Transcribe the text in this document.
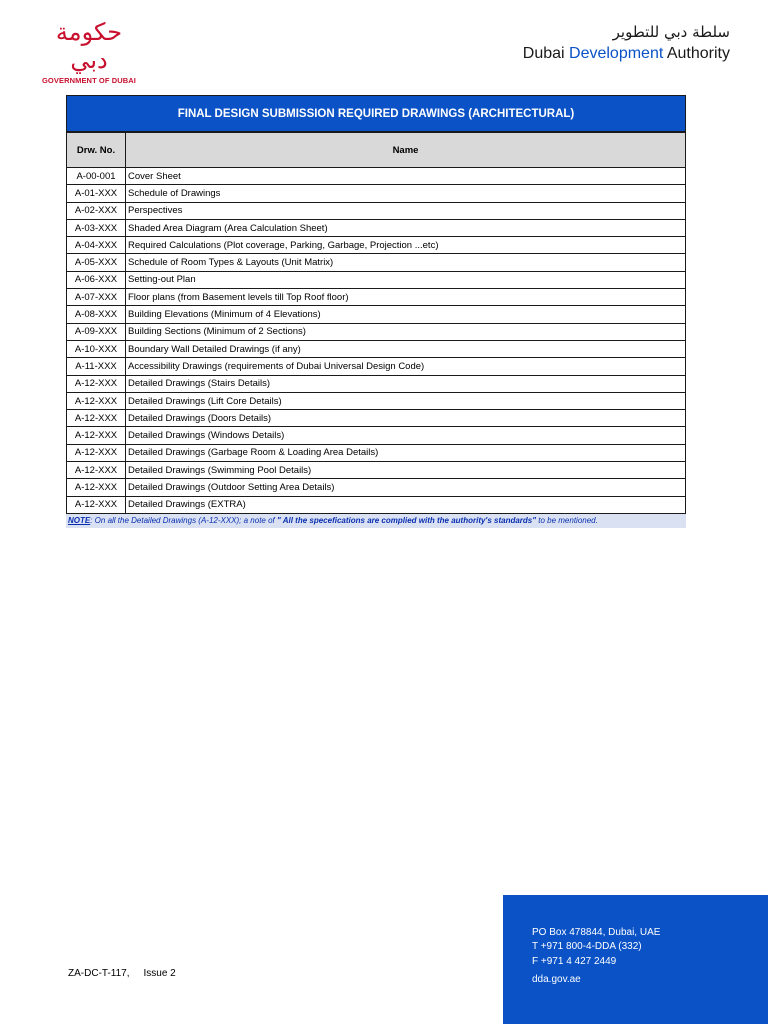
حكومة دبي
GOVERNMENT OF DUBAI
سلطة دبي للتطوير
Dubai Development Authority
FINAL DESIGN SUBMISSION REQUIRED DRAWINGS (ARCHITECTURAL)
Drw. No.	Name
A-00-001	Cover Sheet
A-01-XXX	Schedule of Drawings
A-02-XXX	Perspectives
A-03-XXX	Shaded Area Diagram (Area Calculation Sheet)
A-04-XXX	Required Calculations (Plot coverage, Parking, Garbage, Projection ...etc)
A-05-XXX	Schedule of Room Types & Layouts (Unit Matrix)
A-06-XXX	Setting-out Plan
A-07-XXX	Floor plans (from Basement levels till Top Roof floor)
A-08-XXX	Building Elevations (Minimum of 4 Elevations)
A-09-XXX	Building Sections (Minimum of 2 Sections)
A-10-XXX	Boundary Wall Detailed Drawings (if any)
A-11-XXX	Accessibility Drawings (requirements of Dubai Universal Design Code)
A-12-XXX	Detailed Drawings (Stairs Details)
A-12-XXX	Detailed Drawings (Lift Core Details)
A-12-XXX	Detailed Drawings (Doors Details)
A-12-XXX	Detailed Drawings (Windows Details)
A-12-XXX	Detailed Drawings (Garbage Room & Loading Area Details)
A-12-XXX	Detailed Drawings (Swimming Pool Details)
A-12-XXX	Detailed Drawings (Outdoor Setting Area Details)
A-12-XXX	Detailed Drawings (EXTRA)
NOTE: On all the Detailed Drawings (A-12-XXX); a note of " All the specefications are complied with the authority's standards" to be mentioned.
ZA-DC-T-117, Issue 2
PO Box 478844, Dubai, UAE
T +971 800-4-DDA (332)
F +971 4 427 2449
dda.gov.ae
